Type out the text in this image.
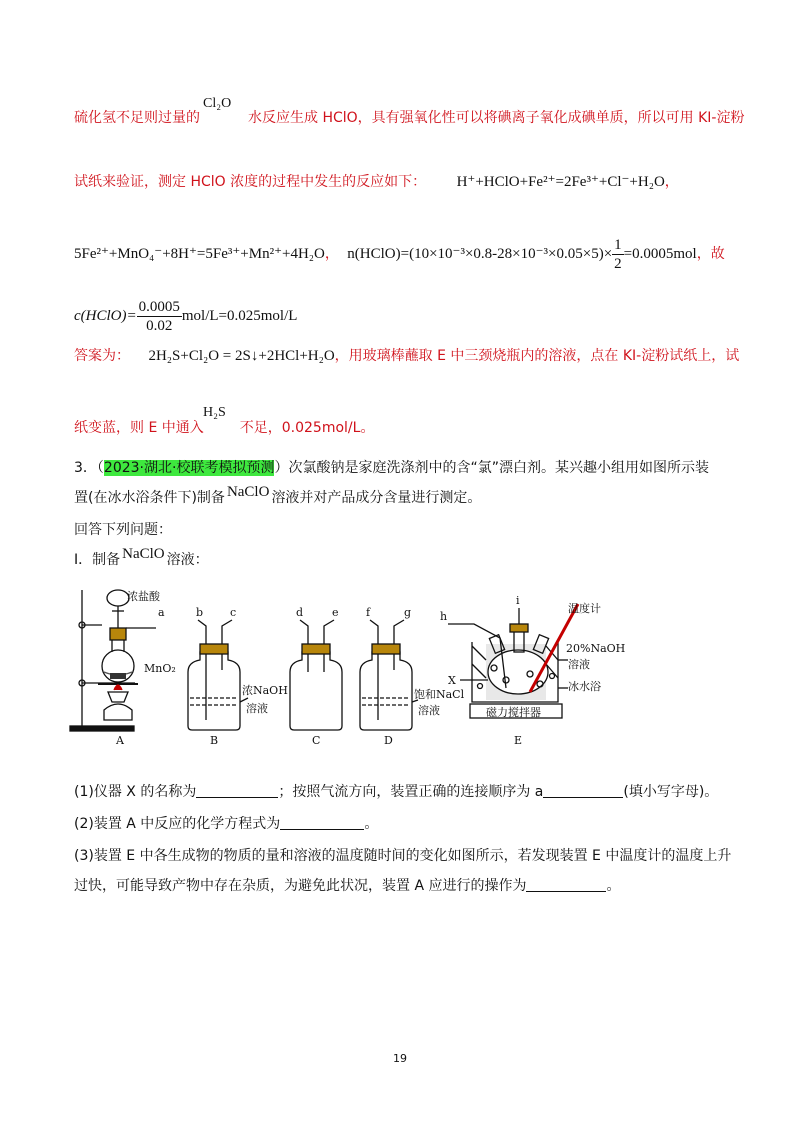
Cl₂O
硫化氢不足则过量的	水反应生成 HClO，具有强氧化性可以将碘离子氧化成碘单质，所以可用 KI-淀粉
试纸来验证，测定 HClO 浓度的过程中发生的反应如下： H⁺+HClO+Fe²⁺=2Fe³⁺+Cl⁻+H₂O，
5Fe²⁺+MnO₄⁻+8H⁺=5Fe³⁺+Mn²⁺+4H₂O， n(HClO)=(10×10⁻³×0.8-28×10⁻³×0.05×5)× $\frac{1}{2} =0.0005mol$，故
c(HClO)= $\frac{0.0005}{0.02} mol/L=0.025mol/L$
答案为： 2H₂S+Cl₂O = 2S↓+2HCl+H₂O，用玻璃棒蘸取 E 中三颈烧瓶内的溶液，点在 KI-淀粉试纸上，试
H₂S
纸变蓝，则 E 中通入	不足，0.025mol/L。
3．（2023·湖北·校联考模拟预测）次氯酸钠是家庭洗涤剂中的含“氯”漂白剂。某兴趣小组用如图所示装
置(在冰水浴条件下)制备 NaClO 溶液并对产品成分含量进行测定。
回答下列问题：
Ⅰ．制备 NaClO 溶液：
浓盐酸
a
MnO₂
A
b c
浓NaOH
溶液
B
d	e
C
f	g
饱和NaCl
溶液
D
h
i
温度计
20%NaOH
溶液
冰水浴
X
磁力搅拌器
E
(1)仪器 X 的名称为	；按照气流方向，装置正确的连接顺序为 a	(填小写字母)。
(2)装置 A 中反应的化学方程式为	。
(3)装置 E 中各生成物的物质的量和溶液的温度随时间的变化如图所示，若发现装置 E 中温度计的温度上升
过快，可能导致产物中存在杂质，为避免此状况，装置 A 应进行的操作为	。
19
